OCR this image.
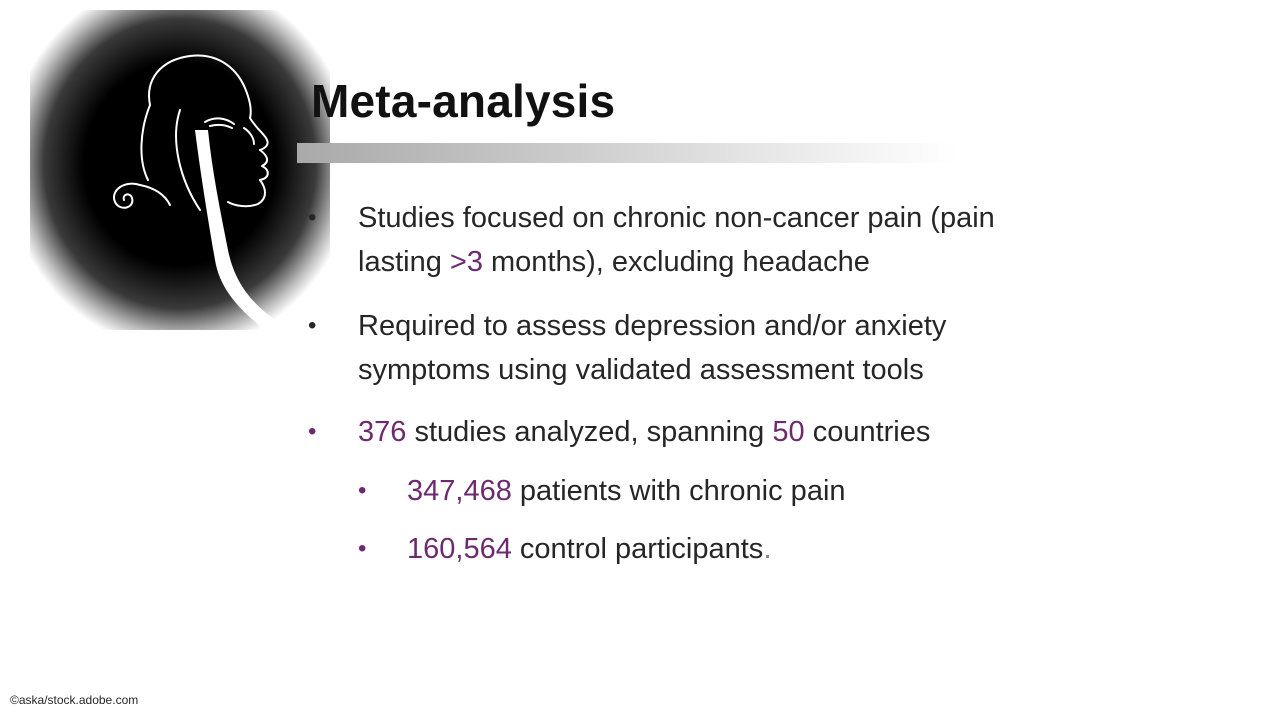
Meta-analysis
• Studies focused on chronic non-cancer pain (pain
lasting >3 months), excluding headache
• Required to assess depression and/or anxiety
symptoms using validated assessment tools
• 376 studies analyzed, spanning 50 countries
• 347,468 patients with chronic pain
• 160,564 control participants
©aska/stock.adobe.com
